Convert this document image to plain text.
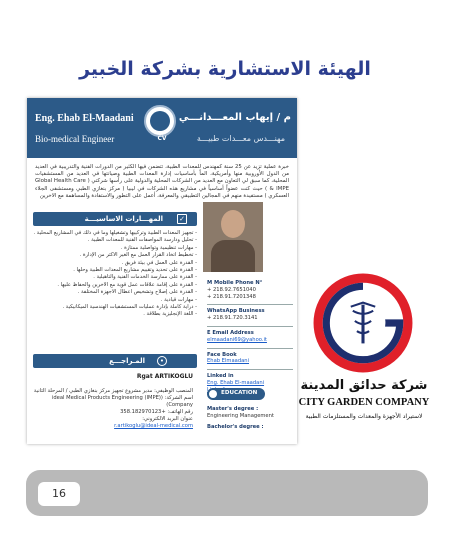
الهيئة الاستشارية بشركة الخبير
Eng. Ehab El-Maadani
Bio-medical Engineer	CV
م / إيهاب المعـــدانـــي
مهنـــدس معـــدات طبيـــة
خبرة عملية تزيد عن 25 سنة كمهندس للمعدات الطبية، تتضمن فيها الكثير من الدورات الفنية والتدريبية في العديد من الدول الأوروبية منها وأمريكية، الماً بأساسيات إدارة المعدات الطبية وصيانتها في العديد من المستشفيات المحلية، كما سبق لي التعاون مع العديد من الشركات المحلية والدولية على رأسها شركتي ( Global Health Care & IMPE ) حيث كنت عضواً أساسياً في مشاريع هذه الشركات في ليبيا ( مركز بنغازي الطبي ومستشفى الجلاء العسكري ) مستفيدة منهم في المجالين التطبيقي والمعرفة، أعمل على التطور والاستفادة والمساهمة مع الاخرين
المهـــارات الاساسيـــة ✓
- تجهيز المعدات الطبية وتركيبها وتشغيلها وما في ذلك في المشاريع المحلية .
- تحليل ودارسة المواصفات الفنية للمعدات الطبية .
- مهارات تنظيمية وتواصلية ممتازة .
- تخطيط اتخاذ القرار العمل مع الغير الأكثر من الإدارة .
- القدرة على العمل في بيئة فريق .
- القدرة على تحديد وتقييم مشاريع المعدات الطبية وحلها .
- القدرة على ممارسة الخدمات الفنية والتأهيلية .
- القدرة على إقامة علاقات عمل قوية مع الآخرين والحفاظ عليها .
- القدرة على إصلاح وتشخيص أعطال الأجهزة المختلفة .
- مهارات قيادية .
- دراية كاملة بإدارة عمليات المستشفيات الهندسية الميكانيكية .
- اللغة الإنجليزية بطلاقة .
المـراجـــع	•
Rgat ARTIKOGLU
المنصب الوظيفي: مدير مشروع تجهيز مركز بنغازي الطبي / المرحلة الثانية
اسم الشركة: (ideal Medical Products Engineering (IMPE) Company)
رقم الهاتف: +358.182970123
عنوان البريد الالكتروني:
r.artikoglu@ideal-medical.com
M Mobile Phone N°
+ 218.92.7651040
+ 218.91.7201348
WhatsApp Business
+ 218.91.720.3141
E Email Address
elmaadani69@yahoo.it
Face Book
Ehab Elmaadani
Linked in
Eng. Ehab El-maadani
EDUCATION
Master's degree :
Engineering Management
Bachelor's degree :
شركة حدائق المدينة
CITY GARDEN COMPANY
لاستيراد الأجهزة والمعدات والمستلزمات الطبية
16
